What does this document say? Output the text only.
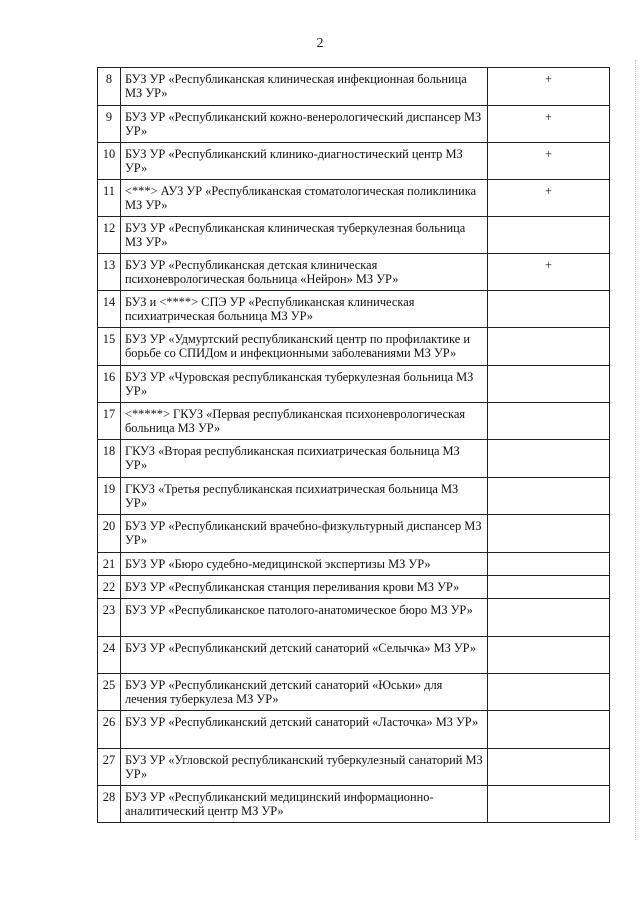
2
8	БУЗ УР «Республиканская клиническая инфекционная больница МЗ УР»	+
9	БУЗ УР «Республиканский кожно-венерологический диспансер МЗ УР»	+
10	БУЗ УР «Республиканский клинико-диагностический центр МЗ УР»	+
11	<***> АУЗ УР «Республиканская стоматологическая поликлиника МЗ УР»	+
12	БУЗ УР «Республиканская клиническая туберкулезная больница МЗ УР»	
13	БУЗ УР «Республиканская детская клиническая психоневрологическая больница «Нейрон» МЗ УР»	+
14	БУЗ и <****> СПЭ УР «Республиканская клиническая психиатрическая больница МЗ УР»	
15	БУЗ УР «Удмуртский республиканский центр по профилактике и борьбе со СПИДом и инфекционными заболеваниями МЗ УР»	
16	БУЗ УР «Чуровская республиканская туберкулезная больница МЗ УР»	
17	<*****> ГКУЗ «Первая республиканская психоневрологическая больница МЗ УР»	
18	ГКУЗ «Вторая республиканская психиатрическая больница МЗ УР»	
19	ГКУЗ «Третья республиканская психиатрическая больница МЗ УР»	
20	БУЗ УР «Республиканский врачебно-физкультурный диспансер МЗ УР»	
21	БУЗ УР «Бюро судебно-медицинской экспертизы МЗ УР»	
22	БУЗ УР «Республиканская станция переливания крови МЗ УР»	
23	БУЗ УР «Республиканское патолого-анатомическое бюро МЗ УР»	
24	БУЗ УР «Республиканский детский санаторий «Селычка» МЗ УР»	
25	БУЗ УР «Республиканский детский санаторий «Юськи» для лечения туберкулеза МЗ УР»	
26	БУЗ УР «Республиканский детский санаторий «Ласточка» МЗ УР»	
27	БУЗ УР «Угловской республиканский туберкулезный санаторий МЗ УР»	
28	БУЗ УР «Республиканский медицинский информационно-аналитический центр МЗ УР»	
